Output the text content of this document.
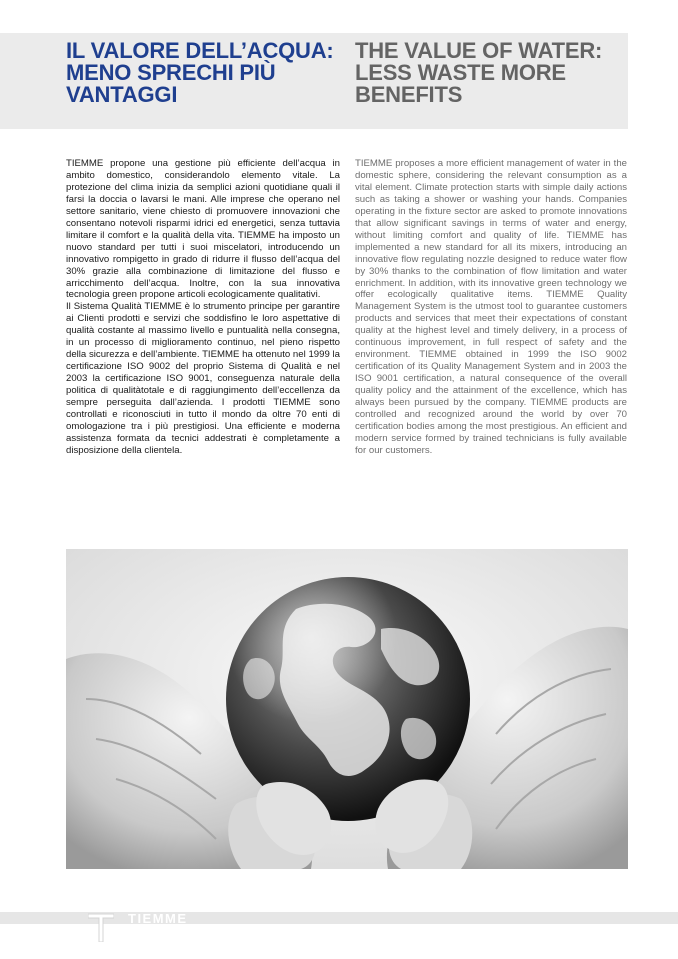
IL VALORE DELL’ACQUA:
MENO SPRECHI PIÙ
VANTAGGI
THE VALUE OF WATER:
LESS WASTE MORE
BENEFITS

TIEMME propone una gestione più efficiente dell’acqua in ambito domestico, considerandolo elemento vitale. La protezione del clima inizia da semplici azioni quotidiane quali il farsi la doccia o lavarsi le mani. Alle imprese che operano nel settore sanitario, viene chiesto di promuovere innovazioni che consentano notevoli risparmi idrici ed energetici, senza tuttavia limitare il comfort e la qualità della vita. TIEMME ha imposto un nuovo standard per tutti i suoi miscelatori, introducendo un innovativo rompigetto in grado di ridurre il flusso dell’acqua del 30% grazie alla combinazione di limitazione del flusso e arricchimento dell’acqua. Inoltre, con la sua innovativa tecnologia green propone articoli ecologicamente qualitativi.

Il Sistema Qualità TIEMME è lo strumento principe per garantire ai Clienti prodotti e servizi che soddisfino le loro aspettative di qualità costante al massimo livello e puntualità nella consegna, in un processo di miglioramento continuo, nel pieno rispetto della sicurezza e dell’ambiente. TIEMME ha ottenuto nel 1999 la certificazione ISO 9002 del proprio Sistema di Qualità e nel 2003 la certificazione ISO 9001, conseguenza naturale della politica di qualitàtotale e di raggiungimento dell’eccellenza da sempre perseguita dall’azienda. I prodotti TIEMME sono controllati e riconosciuti in tutto il mondo da oltre 70 enti di omologazione tra i più prestigiosi. Una efficiente e moderna assistenza formata da tecnici addestrati è completamente a disposizione della clientela.

TIEMME proposes a more efficient management of water in the domestic sphere, considering the relevant consumption as a vital element. Climate protection starts with simple daily actions such as taking a shower or washing your hands. Companies operating in the fixture sector are asked to promote innovations that allow significant savings in terms of water and energy, without limiting comfort and quality of life. TIEMME has implemented a new standard for all its mixers, introducing an innovative flow regulating nozzle designed to reduce water flow by 30% thanks to the combination of flow limitation and water enrichment. In addition, with its innovative green technology we offer ecologically qualitative items. TIEMME Quality Management System is the utmost tool to guarantee customers products and services that meet their expectations of constant quality at the highest level and timely delivery, in a process of continuous improvement, in full respect of safety and the environment. TIEMME obtained in 1999 the ISO 9002 certification of its Quality Management System and in 2003 the ISO 9001 certification, a natural consequence of the overall quality policy and the attainment of the excellence, which has always been pursued by the company. TIEMME products are controlled and recognized around the world by over 70 certification bodies among the most prestigious. An efficient and modern service formed by trained technicians is fully available for our customers.

TIEMME
